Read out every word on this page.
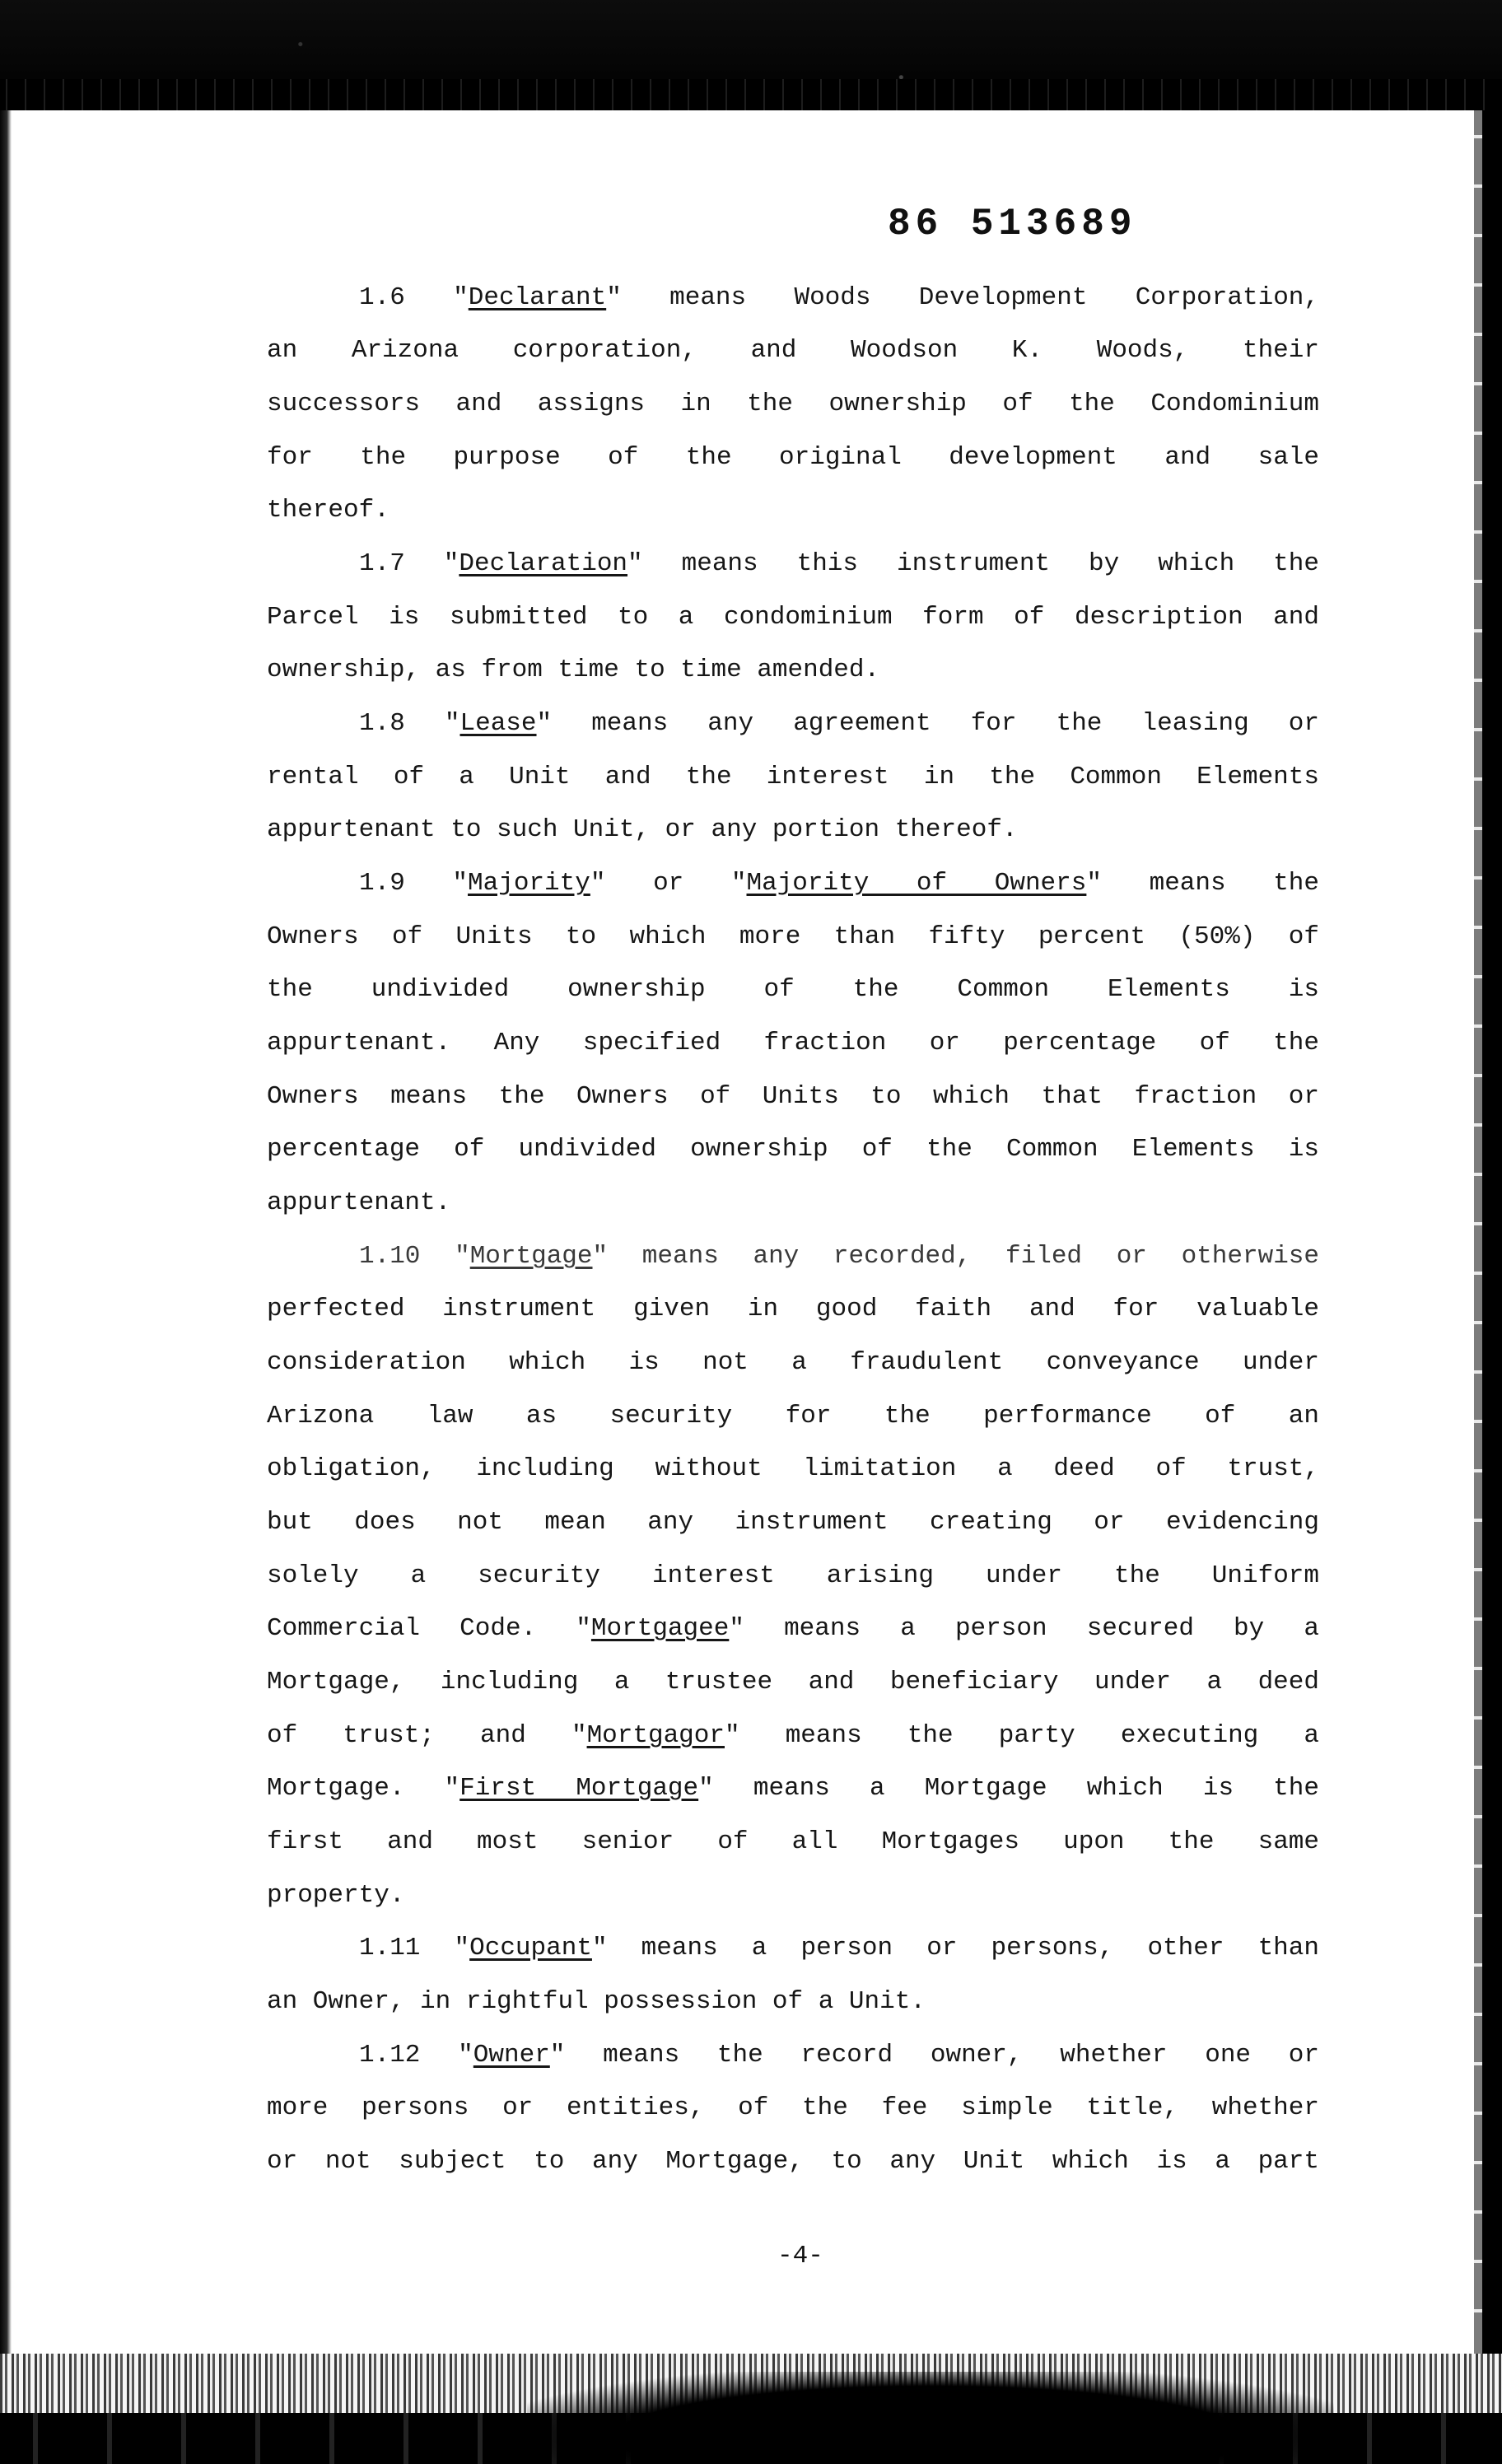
86 513689
1.6 "Declarant" means Woods Development Corporation,
an Arizona corporation, and Woodson K. Woods, their
successors and assigns in the ownership of the Condominium
for the purpose of the original development and sale
thereof.
1.7 "Declaration" means this instrument by which the
Parcel is submitted to a condominium form of description and
ownership, as from time to time amended.
1.8 "Lease" means any agreement for the leasing or
rental of a Unit and the interest in the Common Elements
appurtenant to such Unit, or any portion thereof.
1.9 "Majority" or "Majority of Owners" means the
Owners of Units to which more than fifty percent (50%) of
the undivided ownership of the Common Elements is
appurtenant. Any specified fraction or percentage of the
Owners means the Owners of Units to which that fraction or
percentage of undivided ownership of the Common Elements is
appurtenant.
1.10 "Mortgage" means any recorded, filed or otherwise
perfected instrument given in good faith and for valuable
consideration which is not a fraudulent conveyance under
Arizona law as security for the performance of an
obligation, including without limitation a deed of trust,
but does not mean any instrument creating or evidencing
solely a security interest arising under the Uniform
Commercial Code. "Mortgagee" means a person secured by a
Mortgage, including a trustee and beneficiary under a deed
of trust; and "Mortgagor" means the party executing a
Mortgage. "First Mortgage" means a Mortgage which is the
first and most senior of all Mortgages upon the same
property.
1.11 "Occupant" means a person or persons, other than
an Owner, in rightful possession of a Unit.
1.12 "Owner" means the record owner, whether one or
more persons or entities, of the fee simple title, whether
or not subject to any Mortgage, to any Unit which is a part
-4-
